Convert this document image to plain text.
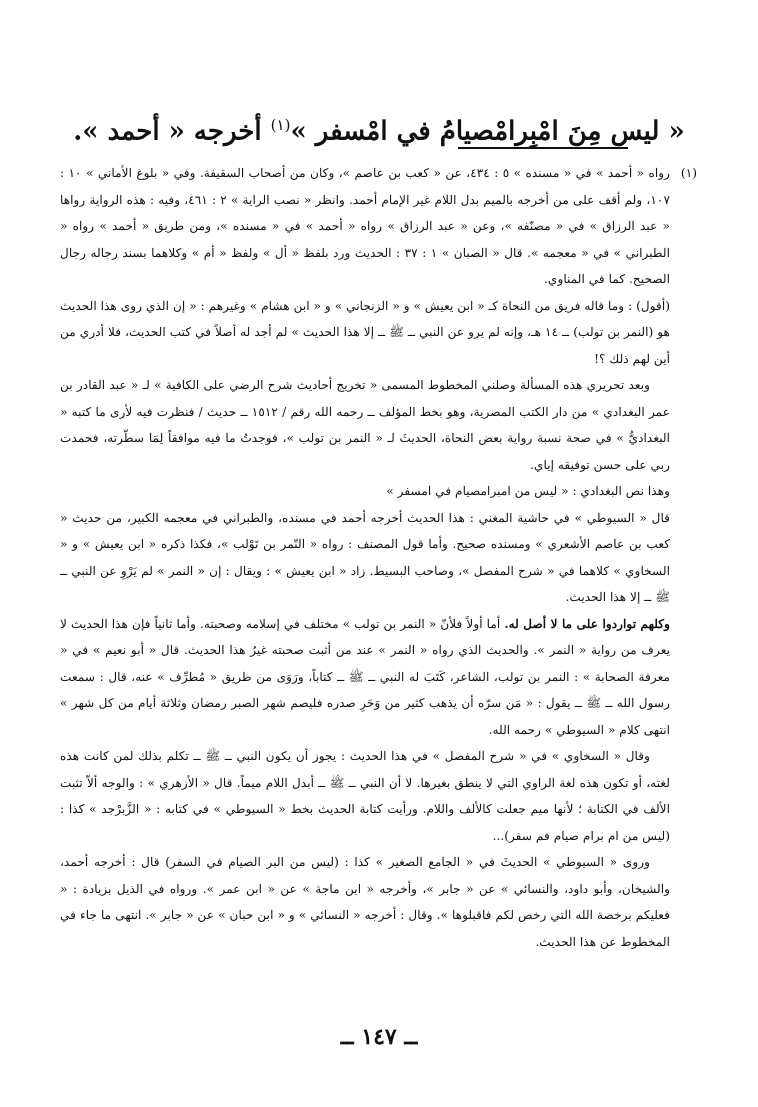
« ليس مِنَ امْبِرامْصيامُ في امْسفر »$^{(١)}$ أخرجه « أحمد ».
(١)

رواه « أحمد » في « مسنده » ٥ : ٤٣٤، عن « كعب بن عاصم »، وكان من أصحاب السقيفة. وفي « بلوغ الأماني » ١٠ : ١٠٧، ولم أقف على من أخرجه بالميم بدل اللام غير الإمام أحمد. وانظر « نصب الراية » ٢ : ٤٦١، وفيه : هذه الرواية رواها « عبد الرزاق » في « مصنّفه »، وعن « عبد الرزاق » رواه « أحمد » في « مسنده »، ومن طريق « أحمد » رواه « الطبراني » في « معجمه ». قال « الصبان » ١ : ٣٧ : الحديث ورد بلفظ « أل » ولفظ « أم » وكلاهما بسند رجاله رجال الصحيح. كما في المناوي.

(أقول) : وما قاله فريق من النحاة كـ « ابن يعيش » و « الزنجاني » و « ابن هشام » وغيرهم : « إن الذي روى هذا الحديث هو (النمر بن تولب) ــ ١٤ هـ، وإنه لم يرو عن النبي ــ ﷺ ــ إلا هذا الحديث » لم أجد له أصلاً في كتب الحديث، فلا أدري من أين لهم ذلك ؟!

وبعد تحريري هذه المسألة وصلني المخطوط المسمى « تخريج أحاديث شرح الرضي على الكافية » لـ « عبد القادر بن عمر البغدادي » من دار الكتب المصرية، وهو بخط المؤلف ــ رحمه الله رقم / ١٥١٢ ــ حديث / فنظرت فيه لأرى ما كتبه « البغداديُّ » في صحة نسبة رواية بعض النحاة، الحديثَ لـ « النمر بن تولب »، فوجدتُ ما فيه موافقاً لِمَا سطّرته، فحمدت ربي على حسن توفيقه إياي.

وهذا نص البغدادي : « ليس من امبرامصيام في امسفر »

قال « السيوطي » في حاشية المغني : هذا الحديث أخرجه أحمد في مسنده، والطبراني في معجمه الكبير، من حديث « كعب بن عاصم الأشعري » ومسنده صحيح. وأما قول المصنف : رواه « النّمر بن تَوْلب »، فكذا ذكره « ابن يعيش » و « السخاوي » كلاهما في « شرح المفصل »، وصاحب البسيط. زاد « ابن يعيش » : ويقال : إن « النمر » لم يَرْوِ عن النبي ــ ﷺ ــ إلا هذا الحديث.

وكلهم تواردوا على ما لا أصل له. أما أولاً فلأنّ « النمر بن تولب » مختلف في إسلامه وصحبته. وأما ثانياً فإن هذا الحديث لا يعرف من رواية « النمر ». والحديث الذي رواه « النمر » عند من أثبت صحبته غيرُ هذا الحديث. قال « أبو نعيم » في « معرفة الصحابة » : النمر بن تولب، الشاعر، كَتَبَ له النبي ــ ﷺ ــ كتاباً، ورَوَى من طريق « مُطرِّف » عنه، قال : سمعت رسول الله ــ ﷺ ــ يقول : « مَن سرّه أن يذهب كثير من وَحَرِ صدره فليصم شهر الصبر رمضان وثلاثة أيام من كل شهر » انتهى كلام « السيوطي » رحمه الله.

وقال « السخاوي » في « شرح المفصل » في هذا الحديث : يجوز أن يكون النبي ــ ﷺ ــ تكلم بذلك لمن كانت هذه لغته، أو تكون هذه لغة الراوي التي لا ينطق بغيرها. لا أن النبي ــ ﷺ ــ أبدل اللام ميماً. قال « الأزهري » : والوجه ألاّ تثبت الألف في الكتابة ؛ لأنها ميم جعلت كالألف واللام. ورأيت كتابة الحديث بخط « السيوطي » في كتابه : « الزَّبرْجد » كذا : (ليس من ام برام صيام فم سفر)...

وروى « السيوطي » الحديثَ في « الجامع الصغير » كذا : (ليس من البر الصيام في السفر) قال : أخرجه أحمد، والشيخان، وأبو داود، والنسائي » عن « جابر »، وأخرجه « ابن ماجة » عن « ابن عمر ». ورواه في الذيل بزيادة : « فعليكم برخصة الله التي رخص لكم فاقبلوها ». وقال : أخرجه « النسائي » و « ابن حبان » عن « جابر ». انتهى ما جاء في المخطوط عن هذا الحديث.

ــ ١٤٧ ــ
